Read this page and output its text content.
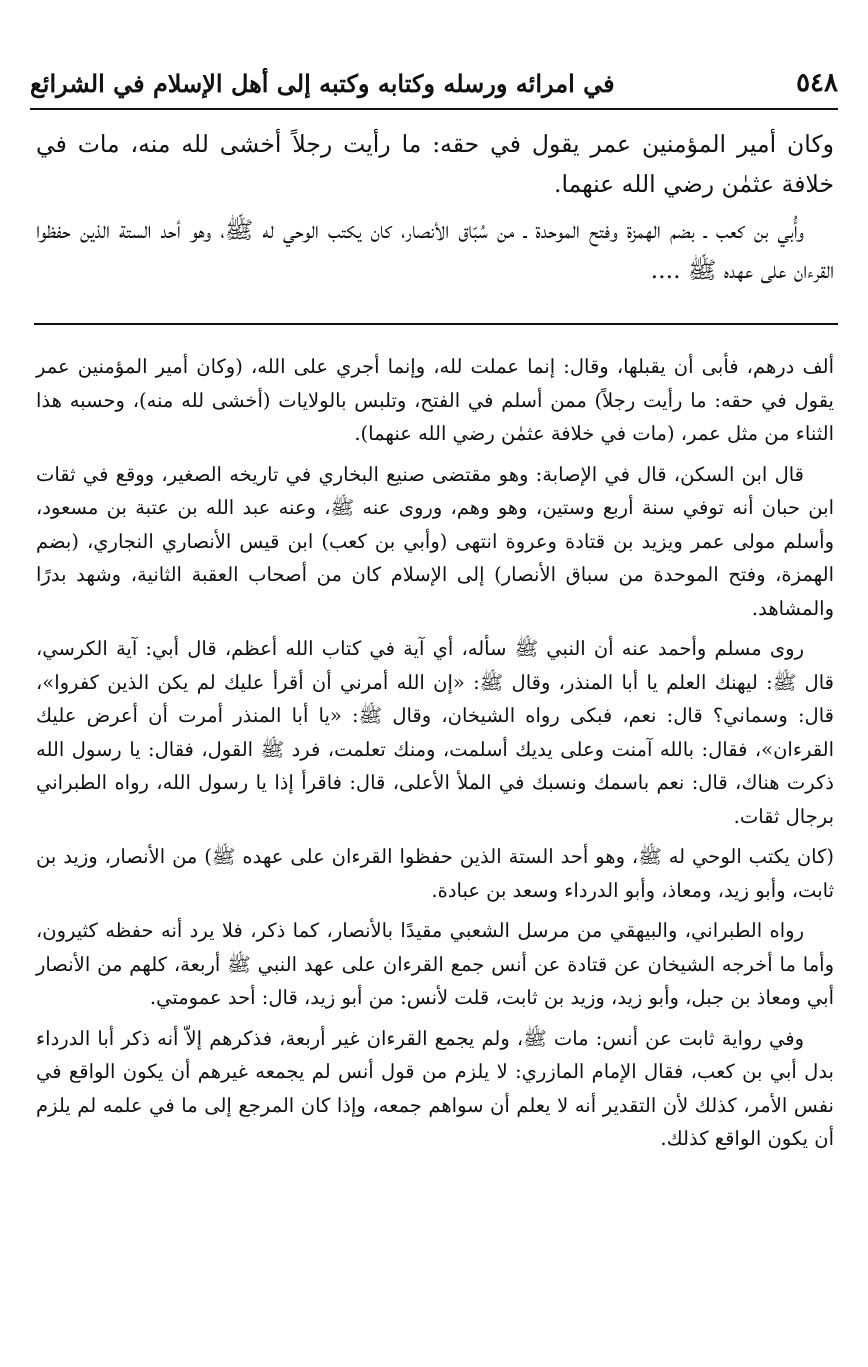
٥٤٨
في امرائه ورسله وكتابه وكتبه إلى أهل الإسلام في الشرائع

وكان أمير المؤمنين عمر يقول في حقه: ما رأيت رجلاً أخشى لله منه، مات في خلافة عثمٰن رضي الله عنهما.

وأُبي بن كعب ـ بضم الهمزة وفتح الموحدة ـ من سُبّاق الأنصار، كان يكتب الوحي له ﷺ، وهو أحد الستة الذين حفظوا القرءان على عهده ﷺ ....

ألف درهم، فأبى أن يقبلها، وقال: إنما عملت لله، وإنما أجري على الله، (وكان أمير المؤمنين عمر يقول في حقه: ما رأيت رجلاً) ممن أسلم في الفتح، وتلبس بالولايات (أخشى لله منه)، وحسبه هذا الثناء من مثل عمر، (مات في خلافة عثمٰن رضي الله عنهما).

قال ابن السكن، قال في الإصابة: وهو مقتضى صنيع البخاري في تاريخه الصغير، ووقع في ثقات ابن حبان أنه توفي سنة أربع وستين، وهو وهم، وروى عنه ﷺ، وعنه عبد الله بن عتبة بن مسعود، وأسلم مولى عمر ويزيد بن قتادة وعروة انتهى (وأبي بن كعب) ابن قيس الأنصاري النجاري، (بضم الهمزة، وفتح الموحدة من سباق الأنصار) إلى الإسلام كان من أصحاب العقبة الثانية، وشهد بدرًا والمشاهد.

روى مسلم وأحمد عنه أن النبي ﷺ سأله، أي آية في كتاب الله أعظم، قال أبي: آية الكرسي، قال ﷺ: ليهنك العلم يا أبا المنذر، وقال ﷺ: «إن الله أمرني أن أقرأ عليك لم يكن الذين كفروا»، قال: وسماني؟ قال: نعم، فبكى رواه الشيخان، وقال ﷺ: «يا أبا المنذر أمرت أن أعرض عليك القرءان»، فقال: بالله آمنت وعلى يديك أسلمت، ومنك تعلمت، فرد ﷺ القول، فقال: يا رسول الله ذكرت هناك، قال: نعم باسمك ونسبك في الملأ الأعلى، قال: فاقرأ إذا يا رسول الله، رواه الطبراني برجال ثقات.

(كان يكتب الوحي له ﷺ، وهو أحد الستة الذين حفظوا القرءان على عهده ﷺ) من الأنصار، وزيد بن ثابت، وأبو زيد، ومعاذ، وأبو الدرداء وسعد بن عبادة.

رواه الطبراني، والبيهقي من مرسل الشعبي مقيدًا بالأنصار، كما ذكر، فلا يرد أنه حفظه كثيرون، وأما ما أخرجه الشيخان عن قتادة عن أنس جمع القرءان على عهد النبي ﷺ أربعة، كلهم من الأنصار أبي ومعاذ بن جبل، وأبو زيد، وزيد بن ثابت، قلت لأنس: من أبو زيد، قال: أحد عمومتي.

وفي رواية ثابت عن أنس: مات ﷺ، ولم يجمع القرءان غير أربعة، فذكرهم إلاّ أنه ذكر أبا الدرداء بدل أبي بن كعب، فقال الإمام المازري: لا يلزم من قول أنس لم يجمعه غيرهم أن يكون الواقع في نفس الأمر، كذلك لأن التقدير أنه لا يعلم أن سواهم جمعه، وإذا كان المرجع إلى ما في علمه لم يلزم أن يكون الواقع كذلك.
